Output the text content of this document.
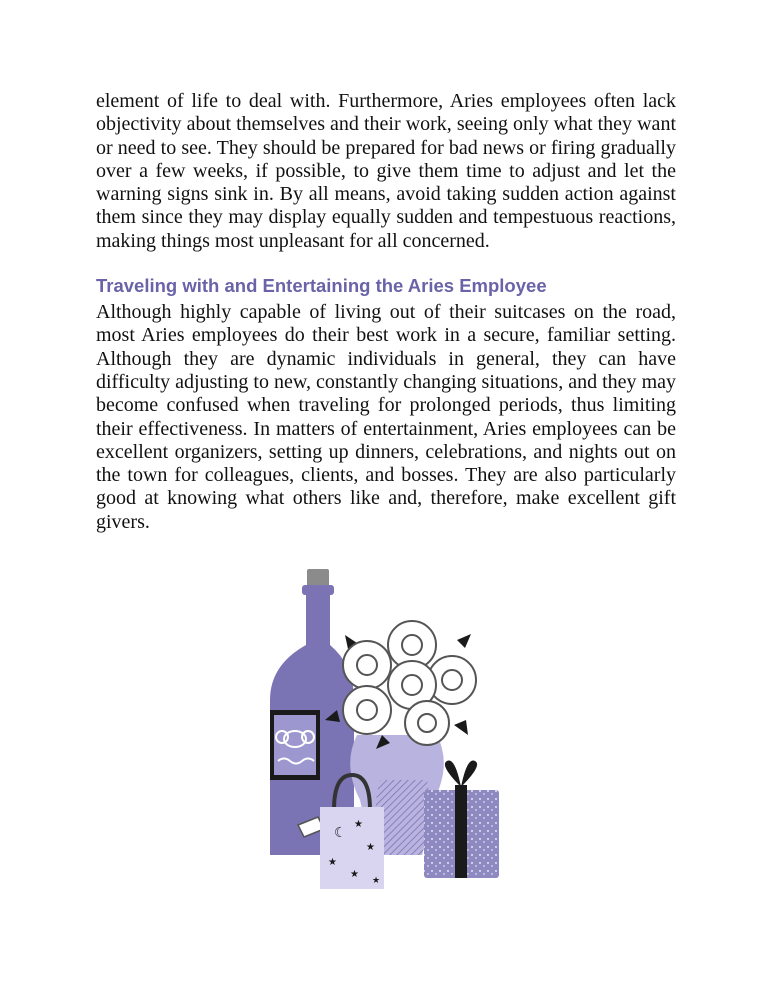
element of life to deal with. Furthermore, Aries employees often lack objectivity about themselves and their work, seeing only what they want or need to see. They should be prepared for bad news or firing gradually over a few weeks, if possible, to give them time to adjust and let the warning signs sink in. By all means, avoid taking sudden action against them since they may display equally sudden and tempestuous reactions, making things most unpleasant for all concerned.

Traveling with and Entertaining the Aries Employee

Although highly capable of living out of their suitcases on the road, most Aries employees do their best work in a secure, familiar setting. Although they are dynamic individuals in general, they can have difficulty adjusting to new, constantly changing situations, and they may become confused when traveling for prolonged periods, thus limiting their effectiveness. In matters of entertainment, Aries employees can be excellent organizers, setting up dinners, celebrations, and nights out on the town for colleagues, clients, and bosses. They are also particularly good at knowing what others like and, therefore, make excellent gift givers.

☾
★
★
★
★
★
